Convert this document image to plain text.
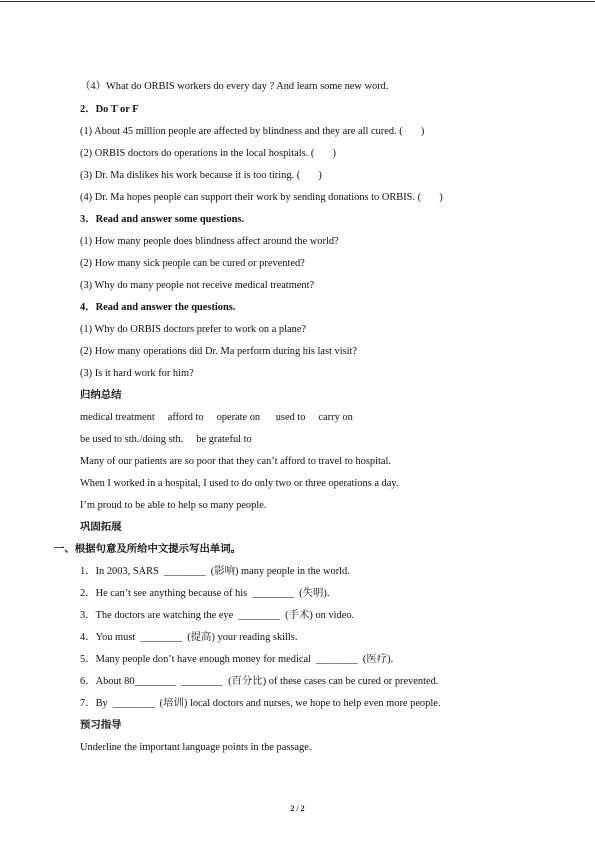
（4）What do ORBIS workers do every day ? And learn some new word.
2．Do T or F
(1) About 45 million people are affected by blindness and they are all cured. (       )
(2) ORBIS doctors do operations in the local hospitals. (       )
(3) Dr. Ma dislikes his work because it is too tiring. (       )
(4) Dr. Ma hopes people can support their work by sending donations to ORBIS. (       )
3．Read and answer some questions.
(1) How many people does blindness affect around the world?
(2) How many sick people can be cured or prevented?
(3) Why do many people not receive medical treatment?
4．Read and answer the questions.
(1) Why do ORBIS doctors prefer to work on a plane?
(2) How many operations did Dr. Ma perform during his last visit?
(3) Is it hard work for him?
归纳总结
medical treatment     afford to     operate on      used to     carry on
be used to sth./doing sth.     be grateful to
Many of our patients are so poor that they can’t afford to travel to hospital.
When I worked in a hospital, I used to do only two or three operations a day.
I’m proud to be able to help so many people.
巩固拓展
一、根据句意及所给中文提示写出单词。
1．In 2003, SARS  ________  (影响) many people in the world.
2．He can’t see anything because of his  ________  (失明).
3．The doctors are watching the eye  ________  (手术) on video.
4．You must  ________  (提高) your reading skills.
5．Many people don’t have enough money for medical  ________  (医疗).
6．About 80________  ________  (百分比) of these cases can be cured or prevented.
7．By  ________  (培训) local doctors and nurses, we hope to help even more people.
预习指导
Underline the important language points in the passage.
2 / 2
